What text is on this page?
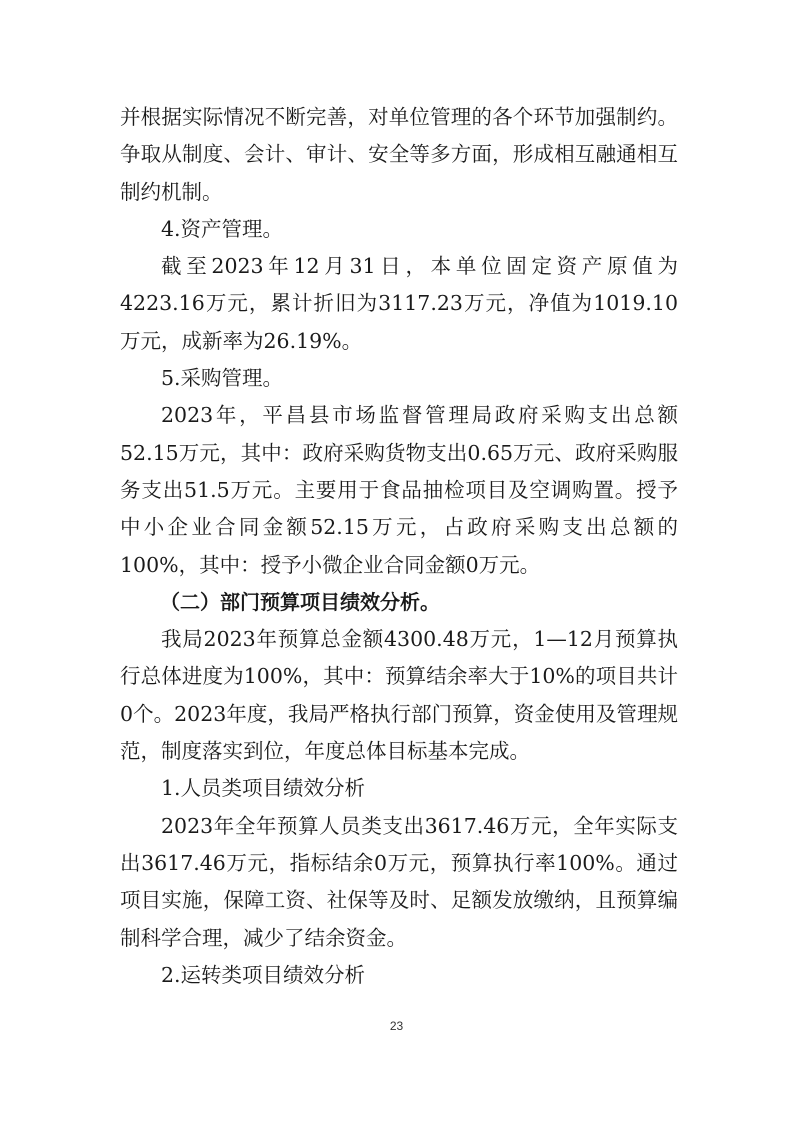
并根据实际情况不断完善，对单位管理的各个环节加强制约。争取从制度、会计、审计、安全等多方面，形成相互融通相互制约机制。

4.资产管理。

截至2023年12月31日，本单位固定资产原值为4223.16万元，累计折旧为3117.23万元，净值为1019.10万元，成新率为26.19%。

5.采购管理。

2023年，平昌县市场监督管理局政府采购支出总额52.15万元，其中：政府采购货物支出0.65万元、政府采购服务支出51.5万元。主要用于食品抽检项目及空调购置。授予中小企业合同金额52.15万元，占政府采购支出总额的100%，其中：授予小微企业合同金额0万元。

（二）部门预算项目绩效分析。

我局2023年预算总金额4300.48万元，1—12月预算执行总体进度为100%，其中：预算结余率大于10%的项目共计0个。2023年度，我局严格执行部门预算，资金使用及管理规范，制度落实到位，年度总体目标基本完成。

1.人员类项目绩效分析

2023年全年预算人员类支出3617.46万元，全年实际支出3617.46万元，指标结余0万元，预算执行率100%。通过项目实施，保障工资、社保等及时、足额发放缴纳，且预算编制科学合理，减少了结余资金。

2.运转类项目绩效分析

23
